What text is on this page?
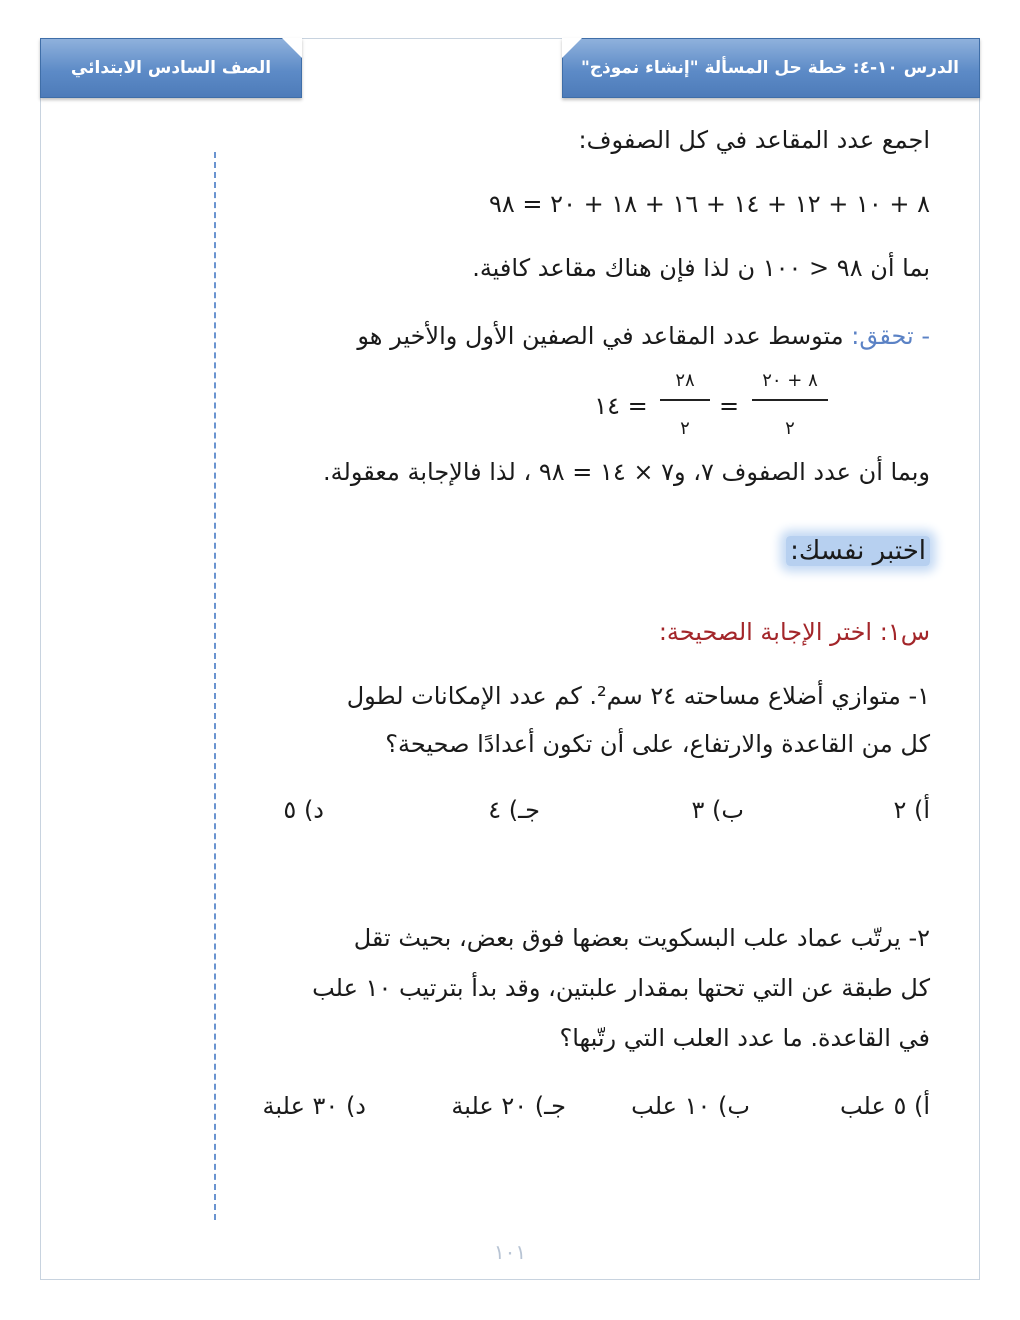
الصف السادس الابتدائي	الدرس ١٠-٤: خطة حل المسألة "إنشاء نموذج"
اجمع عدد المقاعد في كل الصفوف:
٨ + ١٠ + ١٢ + ١٤ + ١٦ + ١٨ + ٢٠ = ٩٨
بما أن ٩٨ < ١٠٠ ن لذا فإن هناك مقاعد كافية.
- تحقق: متوسط عدد المقاعد في الصفين الأول والأخير هو
٨ + ٢٠
٢
=
٢٨
٢
= ١٤
وبما أن عدد الصفوف ٧، و٧ × ١٤ = ٩٨ ، لذا فالإجابة معقولة.
اختبر نفسك:
س١: اختر الإجابة الصحيحة:
١- متوازي أضلاع مساحته ٢٤ سم². كم عدد الإمكانات لطول
كل من القاعدة والارتفاع، على أن تكون أعدادًا صحيحة؟
٢- يرتّب عماد علب البسكويت بعضها فوق بعض، بحيث تقل
كل طبقة عن التي تحتها بمقدار علبتين، وقد بدأ بترتيب ١٠ علب
في القاعدة. ما عدد العلب التي رتّبها؟
أ) ٢
ب) ٣
جـ) ٤
د) ٥
أ) ٥ علب
ب) ١٠ علب
جـ) ٢٠ علبة
د) ٣٠ علبة
١٠١
